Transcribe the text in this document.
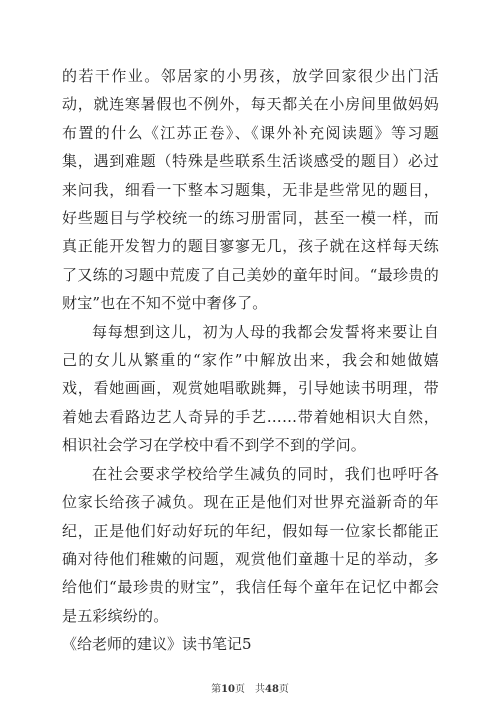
的若干作业。邻居家的小男孩，放学回家很少出门活动，就连寒暑假也不例外，每天都关在小房间里做妈妈布置的什么《江苏正卷》、《课外补充阅读题》等习题集，遇到难题（特殊是些联系生活谈感受的题目）必过来问我，细看一下整本习题集，无非是些常见的题目，好些题目与学校统一的练习册雷同，甚至一模一样，而真正能开发智力的题目寥寥无几，孩子就在这样每天练了又练的习题中荒废了自己美妙的童年时间。“最珍贵的财宝”也在不知不觉中奢侈了。

每每想到这儿，初为人母的我都会发誓将来要让自己的女儿从繁重的“家作”中解放出来，我会和她做嬉戏，看她画画，观赏她唱歌跳舞，引导她读书明理，带着她去看路边艺人奇异的手艺……带着她相识大自然，相识社会学习在学校中看不到学不到的学问。

在社会要求学校给学生减负的同时，我们也呼吁各位家长给孩子减负。现在正是他们对世界充溢新奇的年纪，正是他们好动好玩的年纪，假如每一位家长都能正确对待他们稚嫩的问题，观赏他们童趣十足的举动，多给他们“最珍贵的财宝”，我信任每个童年在记忆中都会是五彩缤纷的。

《给老师的建议》读书笔记5

第10页　共48页
